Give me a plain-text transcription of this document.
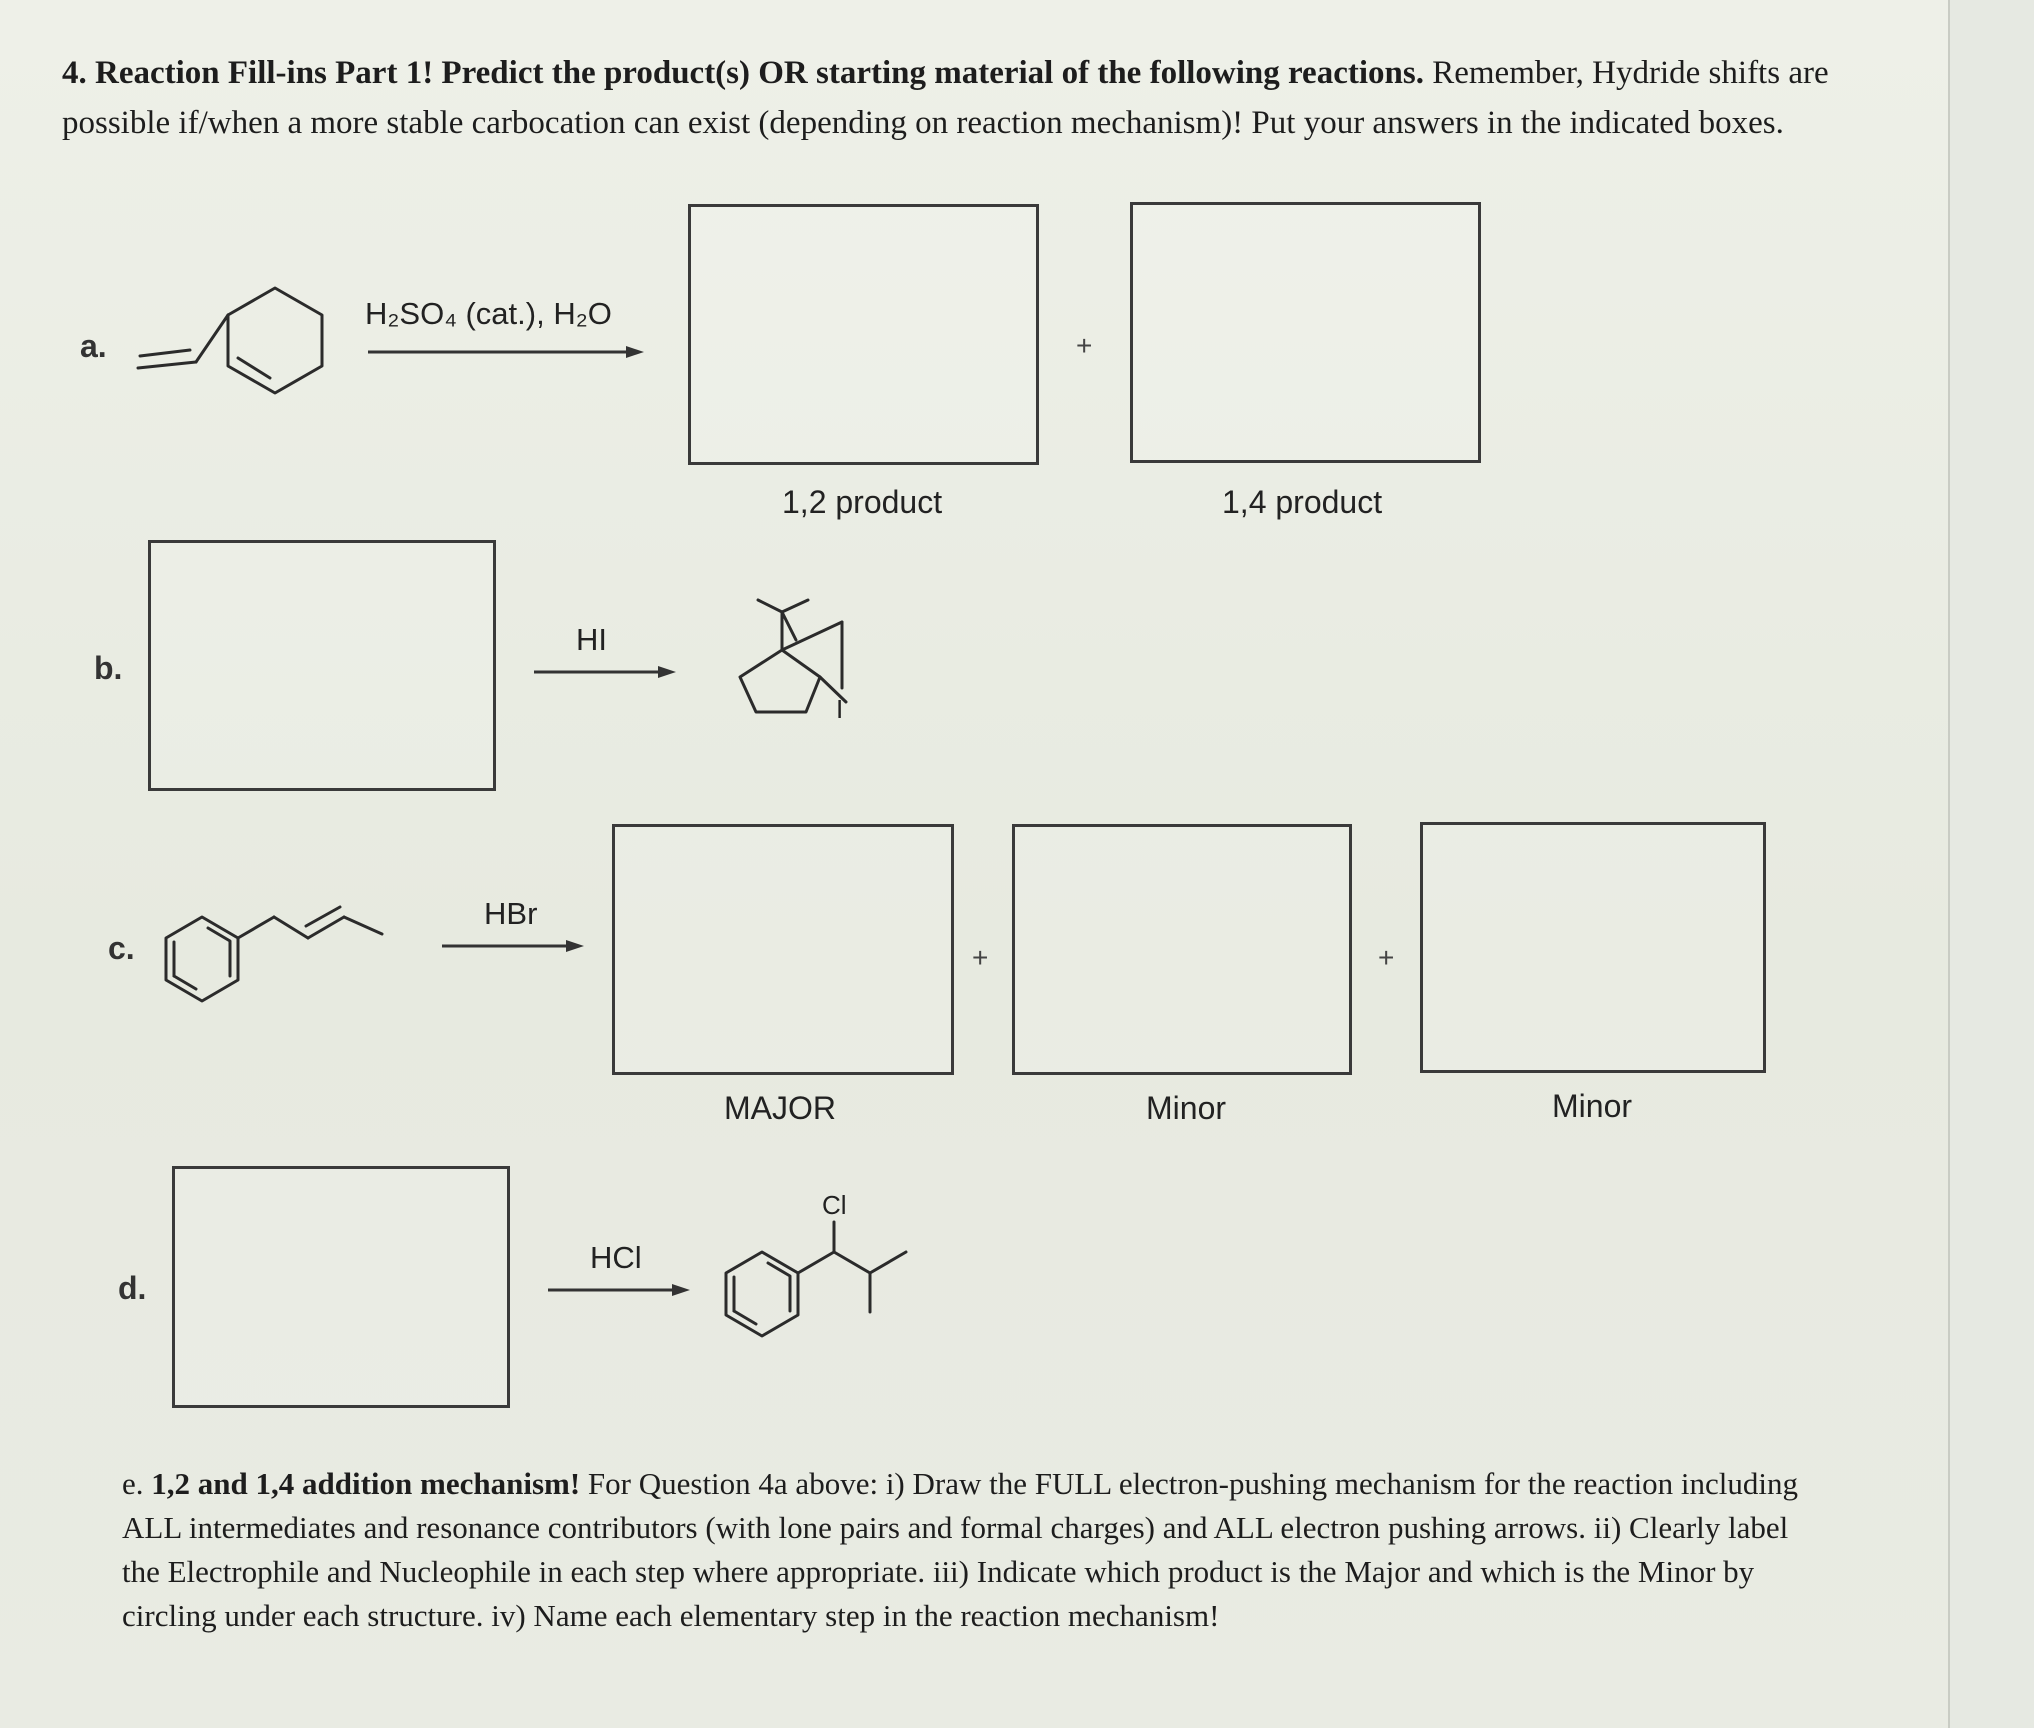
4. Reaction Fill-ins Part 1! Predict the product(s) OR starting material of the following reactions. Remember, Hydride shifts are possible if/when a more stable carbocation can exist (depending on reaction mechanism)! Put your answers in the indicated boxes.
a.
H₂SO₄ (cat.), H₂O
+
1,2 product	1,4 product
b.
HI
I
c.
HBr
+	+
MAJOR	Minor	Minor
d.
HCl
Cl
e. 1,2 and 1,4 addition mechanism! For Question 4a above: i) Draw the FULL electron-pushing mechanism for the reaction including ALL intermediates and resonance contributors (with lone pairs and formal charges) and ALL electron pushing arrows. ii) Clearly label the Electrophile and Nucleophile in each step where appropriate. iii) Indicate which product is the Major and which is the Minor by circling under each structure. iv) Name each elementary step in the reaction mechanism!
